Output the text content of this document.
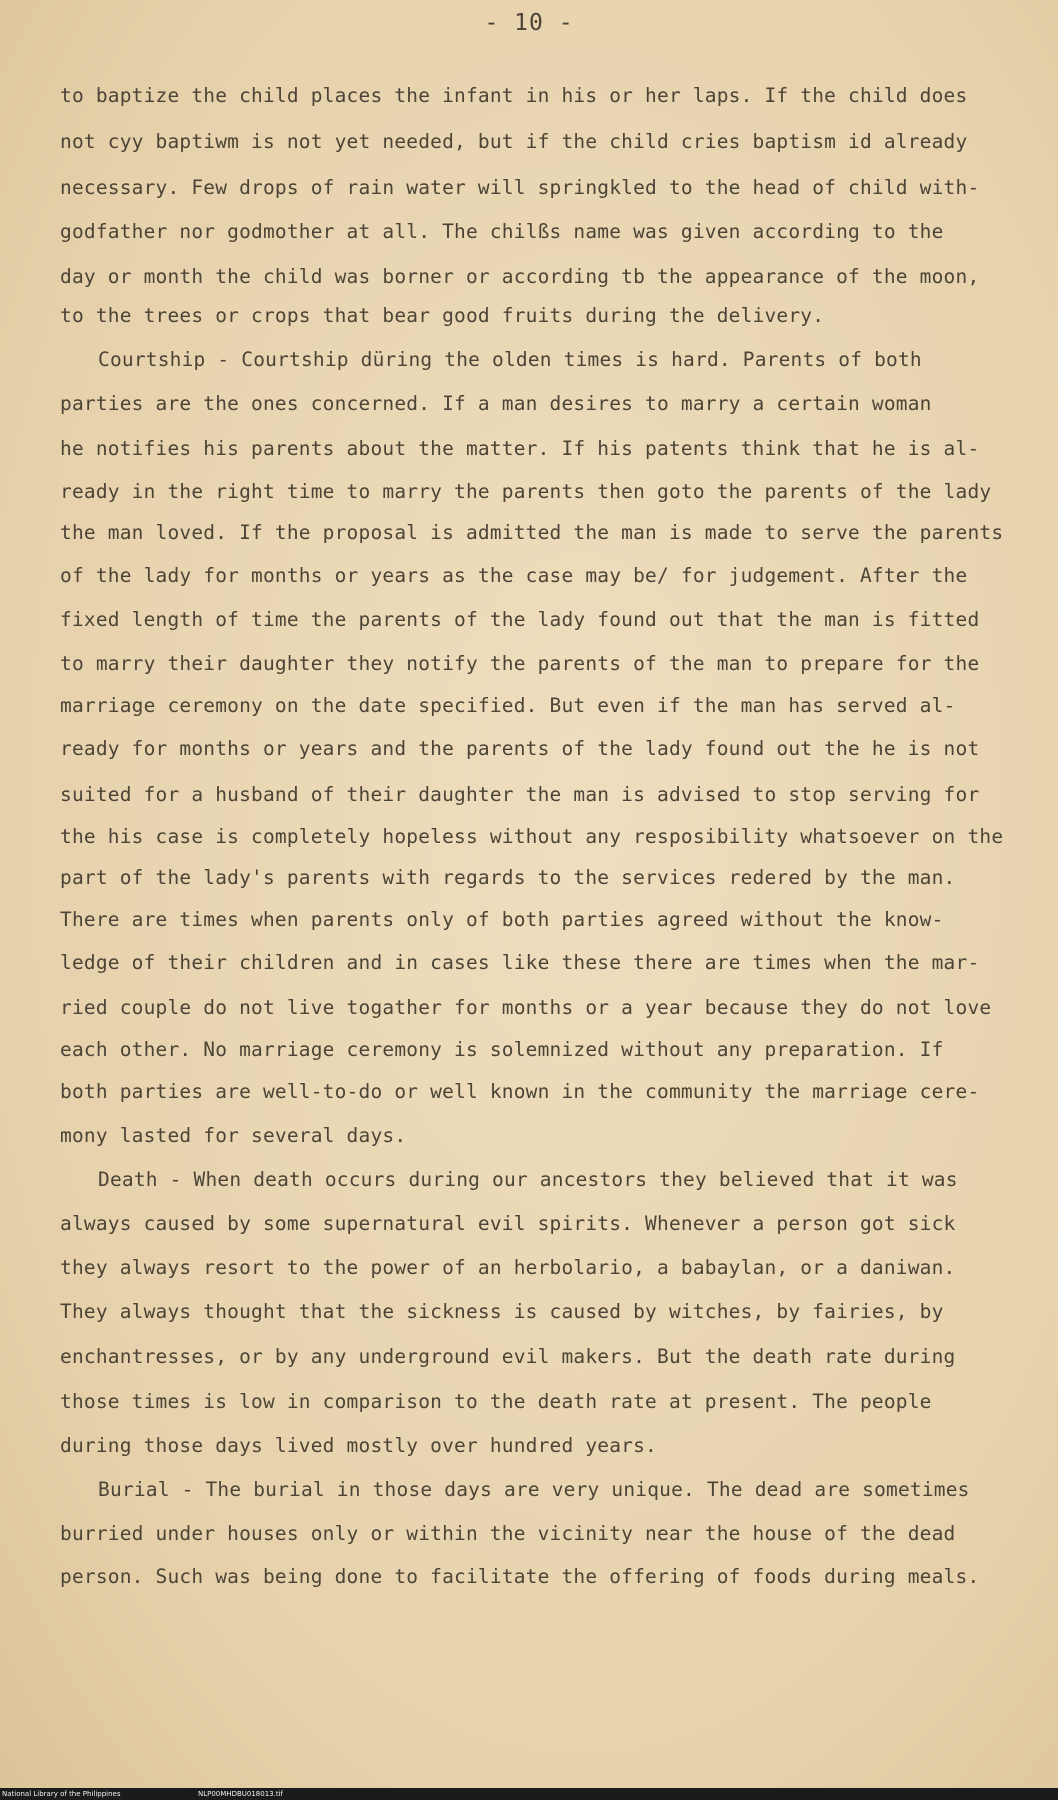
- 10 -
to baptize the child places the infant in his or her laps. If the child does
not cyy baptiwm is not yet needed, but if the child cries baptism id already
necessary. Few drops of rain water will springkled to the head of child with-
godfather nor godmother at all. The chilßs name was given according to the
day or month the child was borner or according tb the appearance of the moon,
to the trees or crops that bear good fruits during the delivery.
Courtship - Courtship düring the olden times is hard. Parents of both
parties are the ones concerned. If a man desires to marry a certain woman
he notifies his parents about the matter. If his patents think that he is al-
ready in the right time to marry the parents then goto the parents of the lady
the man loved. If the proposal is admitted the man is made to serve the parents
of the lady for months or years as the case may be/ for judgement. After the
fixed length of time the parents of the lady found out that the man is fitted
to marry their daughter they notify the parents of the man to prepare for the
marriage ceremony on the date specified. But even if the man has served al-
ready for months or years and the parents of the lady found out the he is not
suited for a husband of their daughter the man is advised to stop serving for
the his case is completely hopeless without any resposibility whatsoever on the
part of the lady's parents with regards to the services redered by the man.
There are times when parents only of both parties agreed without the know-
ledge of their children and in cases like these there are times when the mar-
ried couple do not live togather for months or a year because they do not love
each other. No marriage ceremony is solemnized without any preparation. If
both parties are well-to-do or well known in the community the marriage cere-
mony lasted for several days.
Death - When death occurs during our ancestors they believed that it was
always caused by some supernatural evil spirits. Whenever a person got sick
they always resort to the power of an herbolario, a babaylan, or a daniwan.
They always thought that the sickness is caused by witches, by fairies, by
enchantresses, or by any underground evil makers. But the death rate during
those times is low in comparison to the death rate at present. The people
during those days lived mostly over hundred years.
Burial - The burial in those days are very unique. The dead are sometimes
burried under houses only or within the vicinity near the house of the dead
person. Such was being done to facilitate the offering of foods during meals.
National Library of the Philippines	NLP00MHDBU018013.tif
